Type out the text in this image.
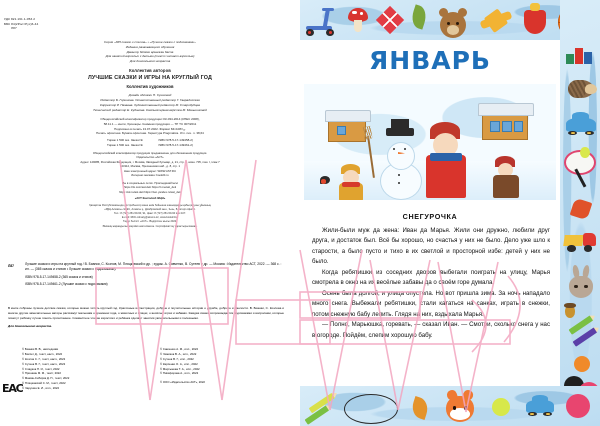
УДК 821.161.1-053.2
ББК 84(2Рос=Рус)6-44
Л87
Серия «365 сказок и стихов» • «Лучшие сказки с подсказками»
Издание развивающего обучения
Дамыту білімге арналған баспа
Для занятий взрослых с детьми (текст читают взрослые)
Для дошкольного возраста
Коллектив авторов
ЛУЧШИЕ СКАЗКИ И ИГРЫ НА КРУГЛЫЙ ГОД
Коллектив художников
Дизайн обложки Н. Сушковой
Редактор Б. Горшкова. Ответственный редактор Г. Гаврадосская
Корректор Р. Назаева. Художественный редактор М. Стародубцев
Технический редактор Е. Кудинова. Компьютерная вёрстка М. Меньшиковой
Общероссийский классификатор продукции ОК-034-2014 (КПЕС 2008),
58.11.1 — книги, брошюры. Книжная продукция — ТР ТС 007/2011
Подписано в печать 13.07.2022. Формат 84×108¹/₁₆.
Печать офсетная. Бумага офсетная. Гарнитура Pragmatica. Усл. печ. л. 38,64
Тираж 1 500 экз. Заказ №	ISBN 978-5-17-149458-2)
Тираж 1 500 экз. Заказ №	ISBN 978-5-17-149461-2)
Общероссийский классификатор продукции предназначен для обозначения продукции.
Издательство «АСТ»
Адрес: 129085, Российская Федерация, г. Москва, Звёздный бульвар, д. 21, стр. 1, комн. 705, пом. I, этаж 7
123112, Москва, Пресненская наб., д. 8, стр. 1
Наш электронный адрес: WWW.AST.RU
Интернет-магазин: book24.ru
Мы в социальных сетях. Присоединяйтесь!
https://vk.com/ast.deti https://t.me/ast_deti
https://ok.ru/ast.deti https://zen.yandex.ru/ast_deti
«АСТ Книголюб ЖЦН»
Қазақстан Республикасында дистрибьютор және өнім бойынша шағымдарды қабылдаушы ұйымның
«РДЦ-Алматы» ЖШС, Алматы қ., Домбровский көш., 3«а», Б литері офис 1.
Тел.: 8 (727) 251-59-90, 91, факс: 8 (727) 251-59-90 ішкі 107.
E-mail: RDC-Almaty@eksmo.kz, www.book24.kz
Тауар белгісі: «АСТ». Өндірілген жылы 2022.
Өнімнің жарамдылық мерзімі шектелмеген. Сертификаттау қарастырылмаған.
Л87	Лучшие сказки и игры на круглый год / В. Бианки, С. Козлов, М. Пляцковский и др. ; худож. А. Савченко, В. Сутеев и др. — Москва : Издательство АСТ, 2022. — 368 с. : ил. — (365 сказок и стихов • Лучшие сказки с подсказками).
ISBN 978-5-17-149458-2 (365 сказок и стихов)
ISBN 978-5-17-149461-2 (Лучшие сказки с подсказками)
В книге собраны лучшие детские сказки, которые можно читать круглый год. Красочные иллюстрации, добрые и поучительные истории о дружбе, доброте и смелости. В. Бианки, С. Козлова и многие другие замечательные авторы расскажут малышам о временах года, о животных и птицах, о весёлых играх и забавах. Каждая сказка сопровождается подсказками и вопросами, которые помогут ребёнку лучше понять прочитанное. Совместное чтение взрослого и ребёнка сделает занятия увлекательными и полезными.
Для дошкольного возраста.
© Бианки В. В., наследники
© Биссет Д., текст, насл., 2022
© Козлов С. Г., текст, насл., 2022
© Сутеев В. Г., текст, насл., 2022
© Сладков Н. И., текст, 2022
© Пришвин М. М., текст, 2022
© Мамин-Сибиряк Д. Н., текст, 2022
© Пляцковский С. М., текст, 2022
© Чарушин Е. И., илл., 2022
© Савченко А. М., илл., 2022
© Чижиков В. А., илл., 2022
© Сутеев В. Г., илл., 2022
© Карпенко О. А., илл., 2022
© Мартынова Т. А., илл., 2022
© Никифорова А., илл., 2022
© ООО «Издательство АСТ», 2022
ЕАС
ЯНВАРЬ
СНЕГУРОЧКА

Жили-были муж да жена: Иван да Марья. Жили они дружно, любили друг друга, и достаток был. Всё бы хорошо, но счастья у них не было. Дело уже шло к старости, а было пусто и тихо в их светлой и просторной избе: детей у них не было.

Когда ребятишки из соседних дворов выбегали поиграть на улицу, Марья смотрела в окно на их весёлые забавы да о своём горе думала.

Осень была долгой, и улица опустела. Но вот пришла зима. За ночь нападало много снега. Выбежали ребятишки, стали кататься на санках, играть в снежки, потом снежную бабу лепить. Глядя на них, вздыхала Марья.

— Полно, Марьюшка, горевать, — сказал Иван. — Смотри, сколько снега у нас в огороде. Пойдём, слепим хорошую бабу.
